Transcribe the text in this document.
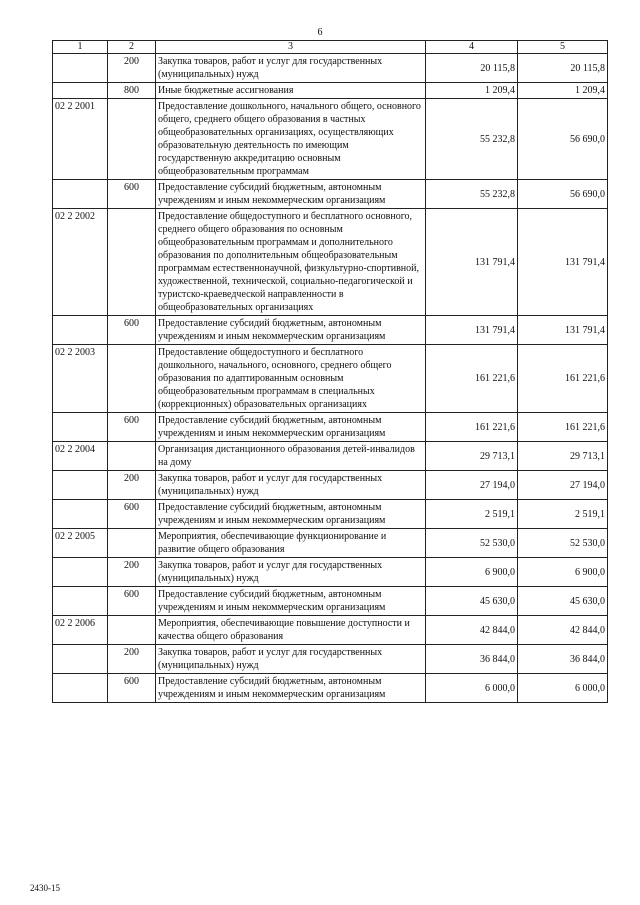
6
1	2	3	4	5
	200	Закупка товаров, работ и услуг для государственных (муниципальных) нужд	20 115,8	20 115,8
	800	Иные бюджетные ассигнования	1 209,4	1 209,4
02 2 2001		Предоставление дошкольного, начального общего, основного общего, среднего общего образования в частных общеобразовательных организациях, осуществляющих образовательную деятельность по имеющим государственную аккредитацию основным общеобразовательным программам	55 232,8	56 690,0
	600	Предоставление субсидий бюджетным, автономным учреждениям и иным некоммерческим организациям	55 232,8	56 690,0
02 2 2002		Предоставление общедоступного и бесплатного основного, среднего общего образования по основным общеобразовательным программам и дополнительного образования по дополнительным общеобразовательным программам естественнонаучной, физкультурно-спортивной, художественной, технической, социально-педагогической и туристско-краеведческой направленности в общеобразовательных организациях	131 791,4	131 791,4
	600	Предоставление субсидий бюджетным, автономным учреждениям и иным некоммерческим организациям	131 791,4	131 791,4
02 2 2003		Предоставление общедоступного и бесплатного дошкольного, начального, основного, среднего общего образования по адаптированным основным общеобразовательным программам в специальных (коррекционных) образовательных организациях	161 221,6	161 221,6
	600	Предоставление субсидий бюджетным, автономным учреждениям и иным некоммерческим организациям	161 221,6	161 221,6
02 2 2004		Организация дистанционного образования детей-инвалидов на дому	29 713,1	29 713,1
	200	Закупка товаров, работ и услуг для государственных (муниципальных) нужд	27 194,0	27 194,0
	600	Предоставление субсидий бюджетным, автономным учреждениям и иным некоммерческим организациям	2 519,1	2 519,1
02 2 2005		Мероприятия, обеспечивающие функционирование и развитие общего образования	52 530,0	52 530,0
	200	Закупка товаров, работ и услуг для государственных (муниципальных) нужд	6 900,0	6 900,0
	600	Предоставление субсидий бюджетным, автономным учреждениям и иным некоммерческим организациям	45 630,0	45 630,0
02 2 2006		Мероприятия, обеспечивающие повышение доступности и качества общего образования	42 844,0	42 844,0
	200	Закупка товаров, работ и услуг для государственных (муниципальных) нужд	36 844,0	36 844,0
	600	Предоставление субсидий бюджетным, автономным учреждениям и иным некоммерческим организациям	6 000,0	6 000,0
2430-15
